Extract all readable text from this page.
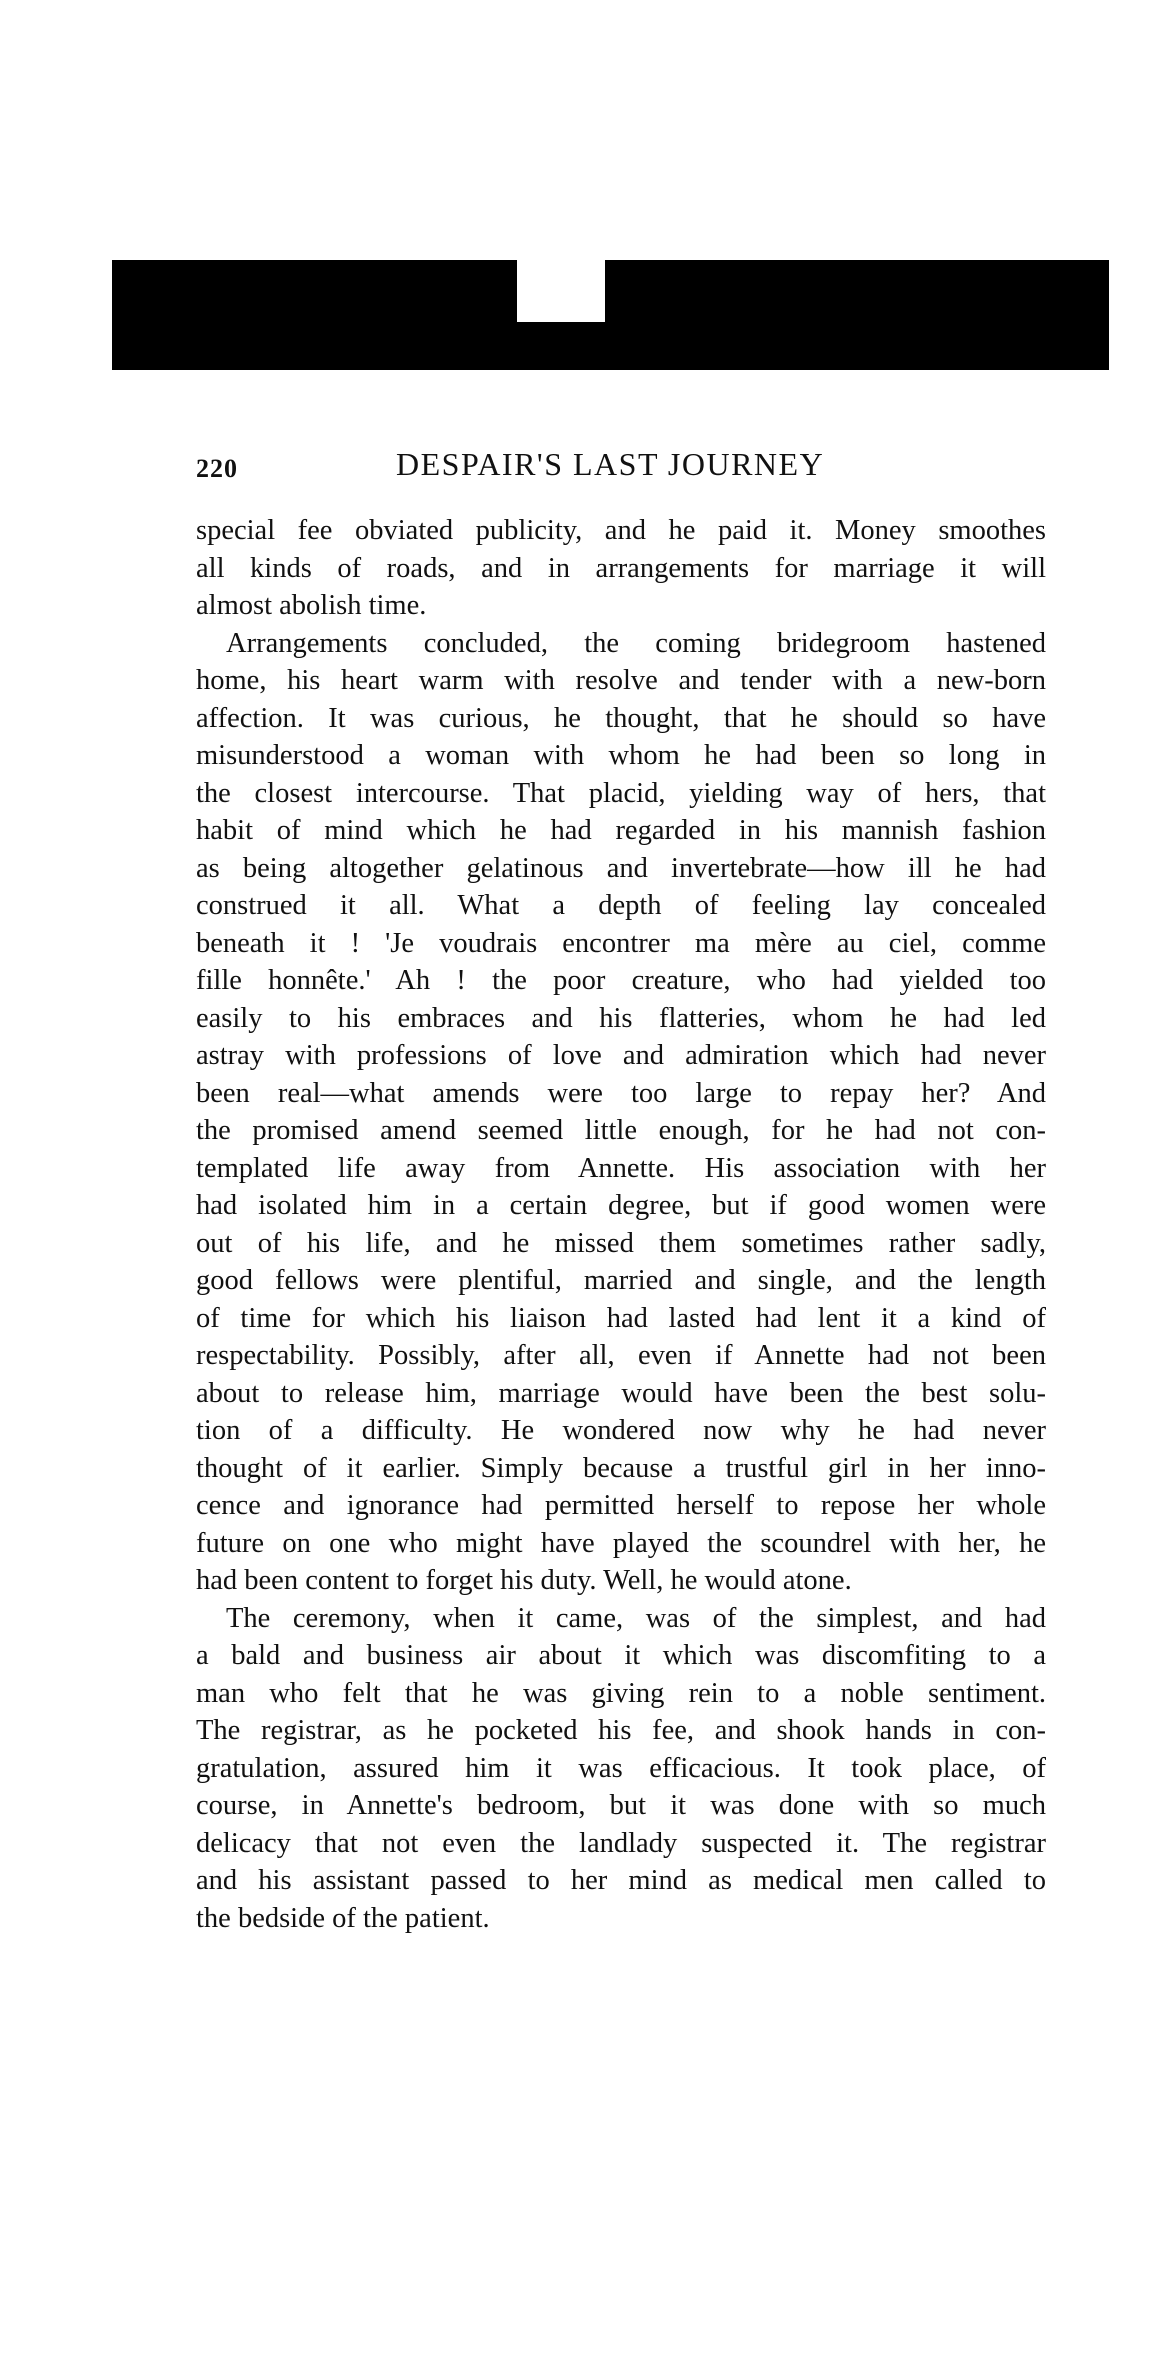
220	DESPAIR'S LAST JOURNEY
special fee obviated publicity, and he paid it. Money smoothes
all kinds of roads, and in arrangements for marriage it will
almost abolish time.
Arrangements concluded, the coming bridegroom hastened
home, his heart warm with resolve and tender with a new-born
affection. It was curious, he thought, that he should so have
misunderstood a woman with whom he had been so long in
the closest intercourse. That placid, yielding way of hers, that
habit of mind which he had regarded in his mannish fashion
as being altogether gelatinous and invertebrate—how ill he had
construed it all. What a depth of feeling lay concealed
beneath it ! 'Je voudrais encontrer ma mère au ciel, comme
fille honnête.' Ah ! the poor creature, who had yielded too
easily to his embraces and his flatteries, whom he had led
astray with professions of love and admiration which had never
been real—what amends were too large to repay her? And
the promised amend seemed little enough, for he had not con-
templated life away from Annette. His association with her
had isolated him in a certain degree, but if good women were
out of his life, and he missed them sometimes rather sadly,
good fellows were plentiful, married and single, and the length
of time for which his liaison had lasted had lent it a kind of
respectability. Possibly, after all, even if Annette had not been
about to release him, marriage would have been the best solu-
tion of a difficulty. He wondered now why he had never
thought of it earlier. Simply because a trustful girl in her inno-
cence and ignorance had permitted herself to repose her whole
future on one who might have played the scoundrel with her, he
had been content to forget his duty. Well, he would atone.
The ceremony, when it came, was of the simplest, and had
a bald and business air about it which was discomfiting to a
man who felt that he was giving rein to a noble sentiment.
The registrar, as he pocketed his fee, and shook hands in con-
gratulation, assured him it was efficacious. It took place, of
course, in Annette's bedroom, but it was done with so much
delicacy that not even the landlady suspected it. The registrar
and his assistant passed to her mind as medical men called to
the bedside of the patient.
